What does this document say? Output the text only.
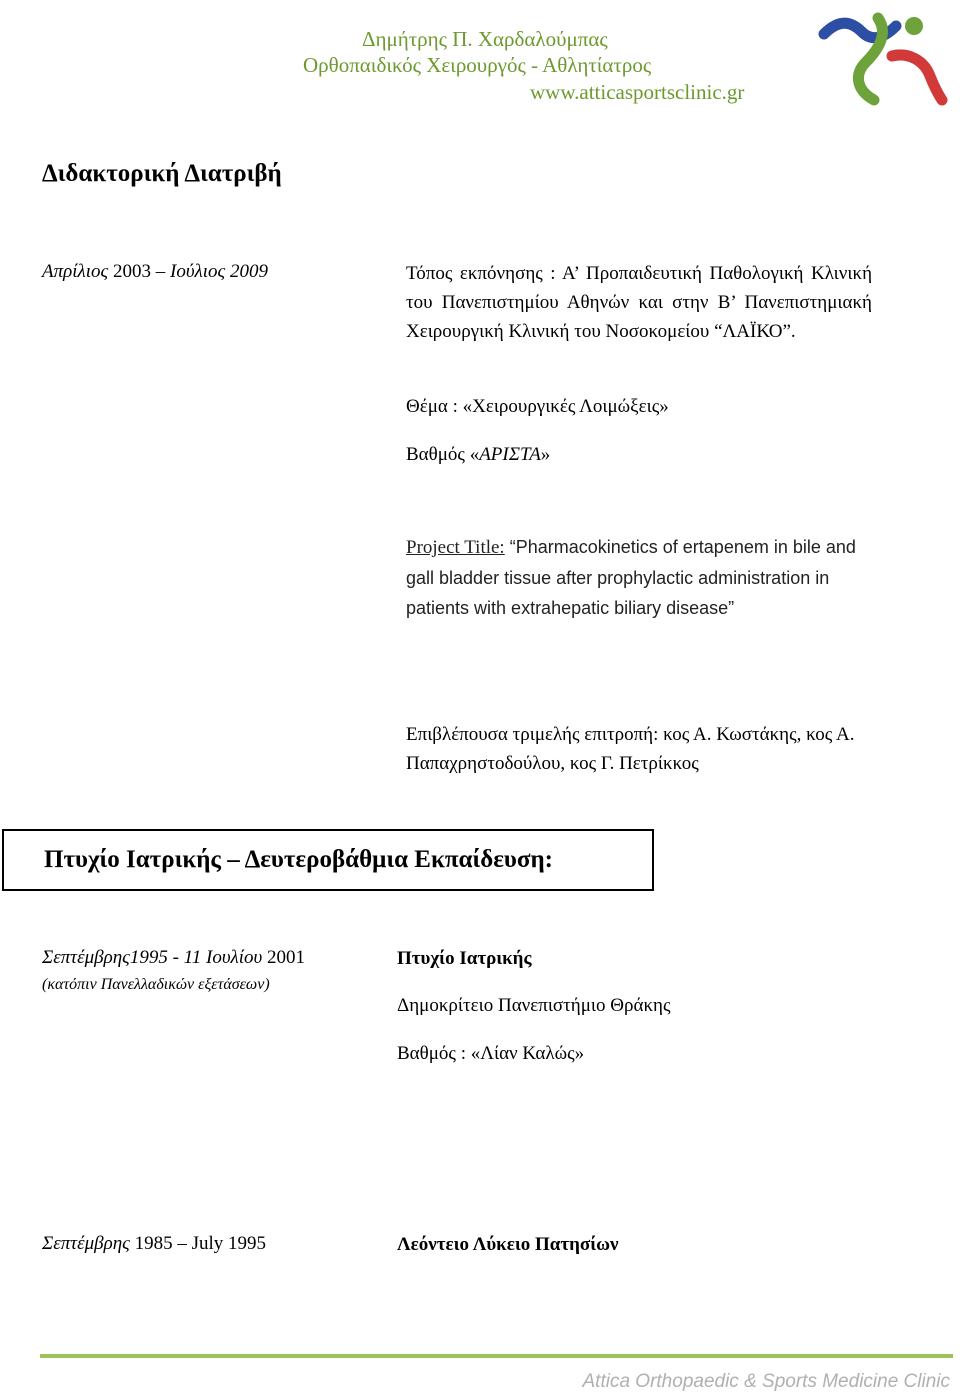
Δημήτρης Π. Χαρδαλούμπας
Ορθοπαιδικός Χειρουργός - Αθλητίατρος
www.atticasportsclinic.gr
Διδακτορική Διατριβή
Απρίλιος 2003 – Ιούλιος 2009	Τόπος εκπόνησης : Α’ Προπαιδευτική Παθολογική Κλινική του Πανεπιστημίου Αθηνών και στην Β’ Πανεπιστημιακή Χειρουργική Κλινική του Νοσοκομείου “ΛΑΪΚΟ”.
Θέμα : «Χειρουργικές Λοιμώξεις»
Βαθμός «ΑΡΙΣΤΑ»
Project Title: “Pharmacokinetics of ertapenem in bile and gall bladder tissue after prophylactic administration in patients with extrahepatic biliary disease”
Επιβλέπουσα τριμελής επιτροπή: κος Α. Κωστάκης, κος Α. Παπαχρηστοδούλου, κος Γ. Πετρίκκος
Πτυχίο Ιατρικής – Δευτεροβάθμια Εκπαίδευση:
Σεπτέμβρης1995 - 11 Ιουλίου 2001
(κατόπιν Πανελλαδικών εξετάσεων)
Πτυχίο Ιατρικής
Δημοκρίτειο Πανεπιστήμιο Θράκης
Βαθμός : «Λίαν Καλώς»
Σεπτέμβρης 1985 – July 1995	Λεόντειο Λύκειο Πατησίων
Attica Orthopaedic & Sports Medicine Clinic
